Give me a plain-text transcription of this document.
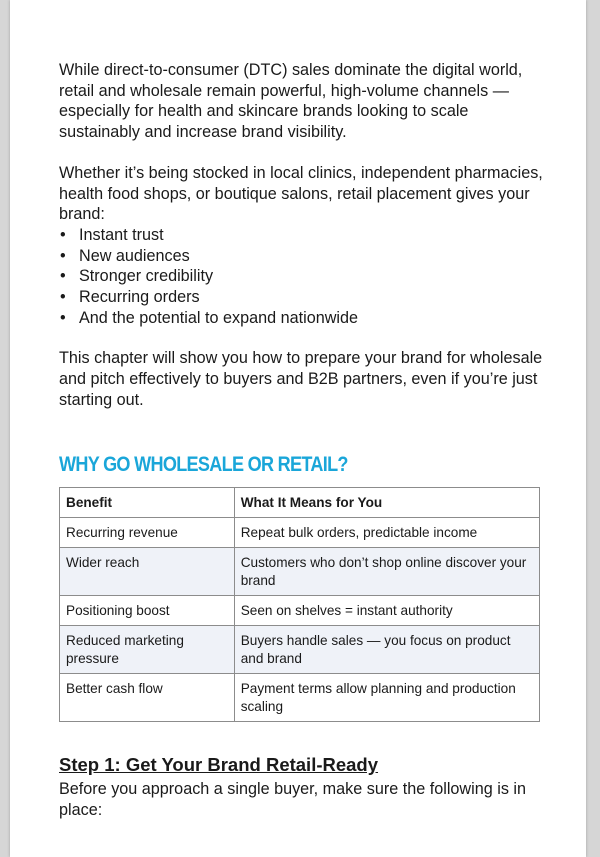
While direct-to-consumer (DTC) sales dominate the digital world, retail and wholesale remain powerful, high-volume channels — especially for health and skincare brands looking to scale sustainably and increase brand visibility.

Whether it’s being stocked in local clinics, independent pharmacies, health food shops, or boutique salons, retail placement gives your brand:

• Instant trust
• New audiences
• Stronger credibility
• Recurring orders
• And the potential to expand nationwide

This chapter will show you how to prepare your brand for wholesale and pitch effectively to buyers and B2B partners, even if you’re just starting out.

WHY GO WHOLESALE OR RETAIL?
Benefit	What It Means for You
Recurring revenue	Repeat bulk orders, predictable income
Wider reach	Customers who don’t shop online discover your brand
Positioning boost	Seen on shelves = instant authority
Reduced marketing pressure	Buyers handle sales — you focus on product and brand
Better cash flow	Payment terms allow planning and production scaling
Step 1: Get Your Brand Retail-Ready

Before you approach a single buyer, make sure the following is in place:
